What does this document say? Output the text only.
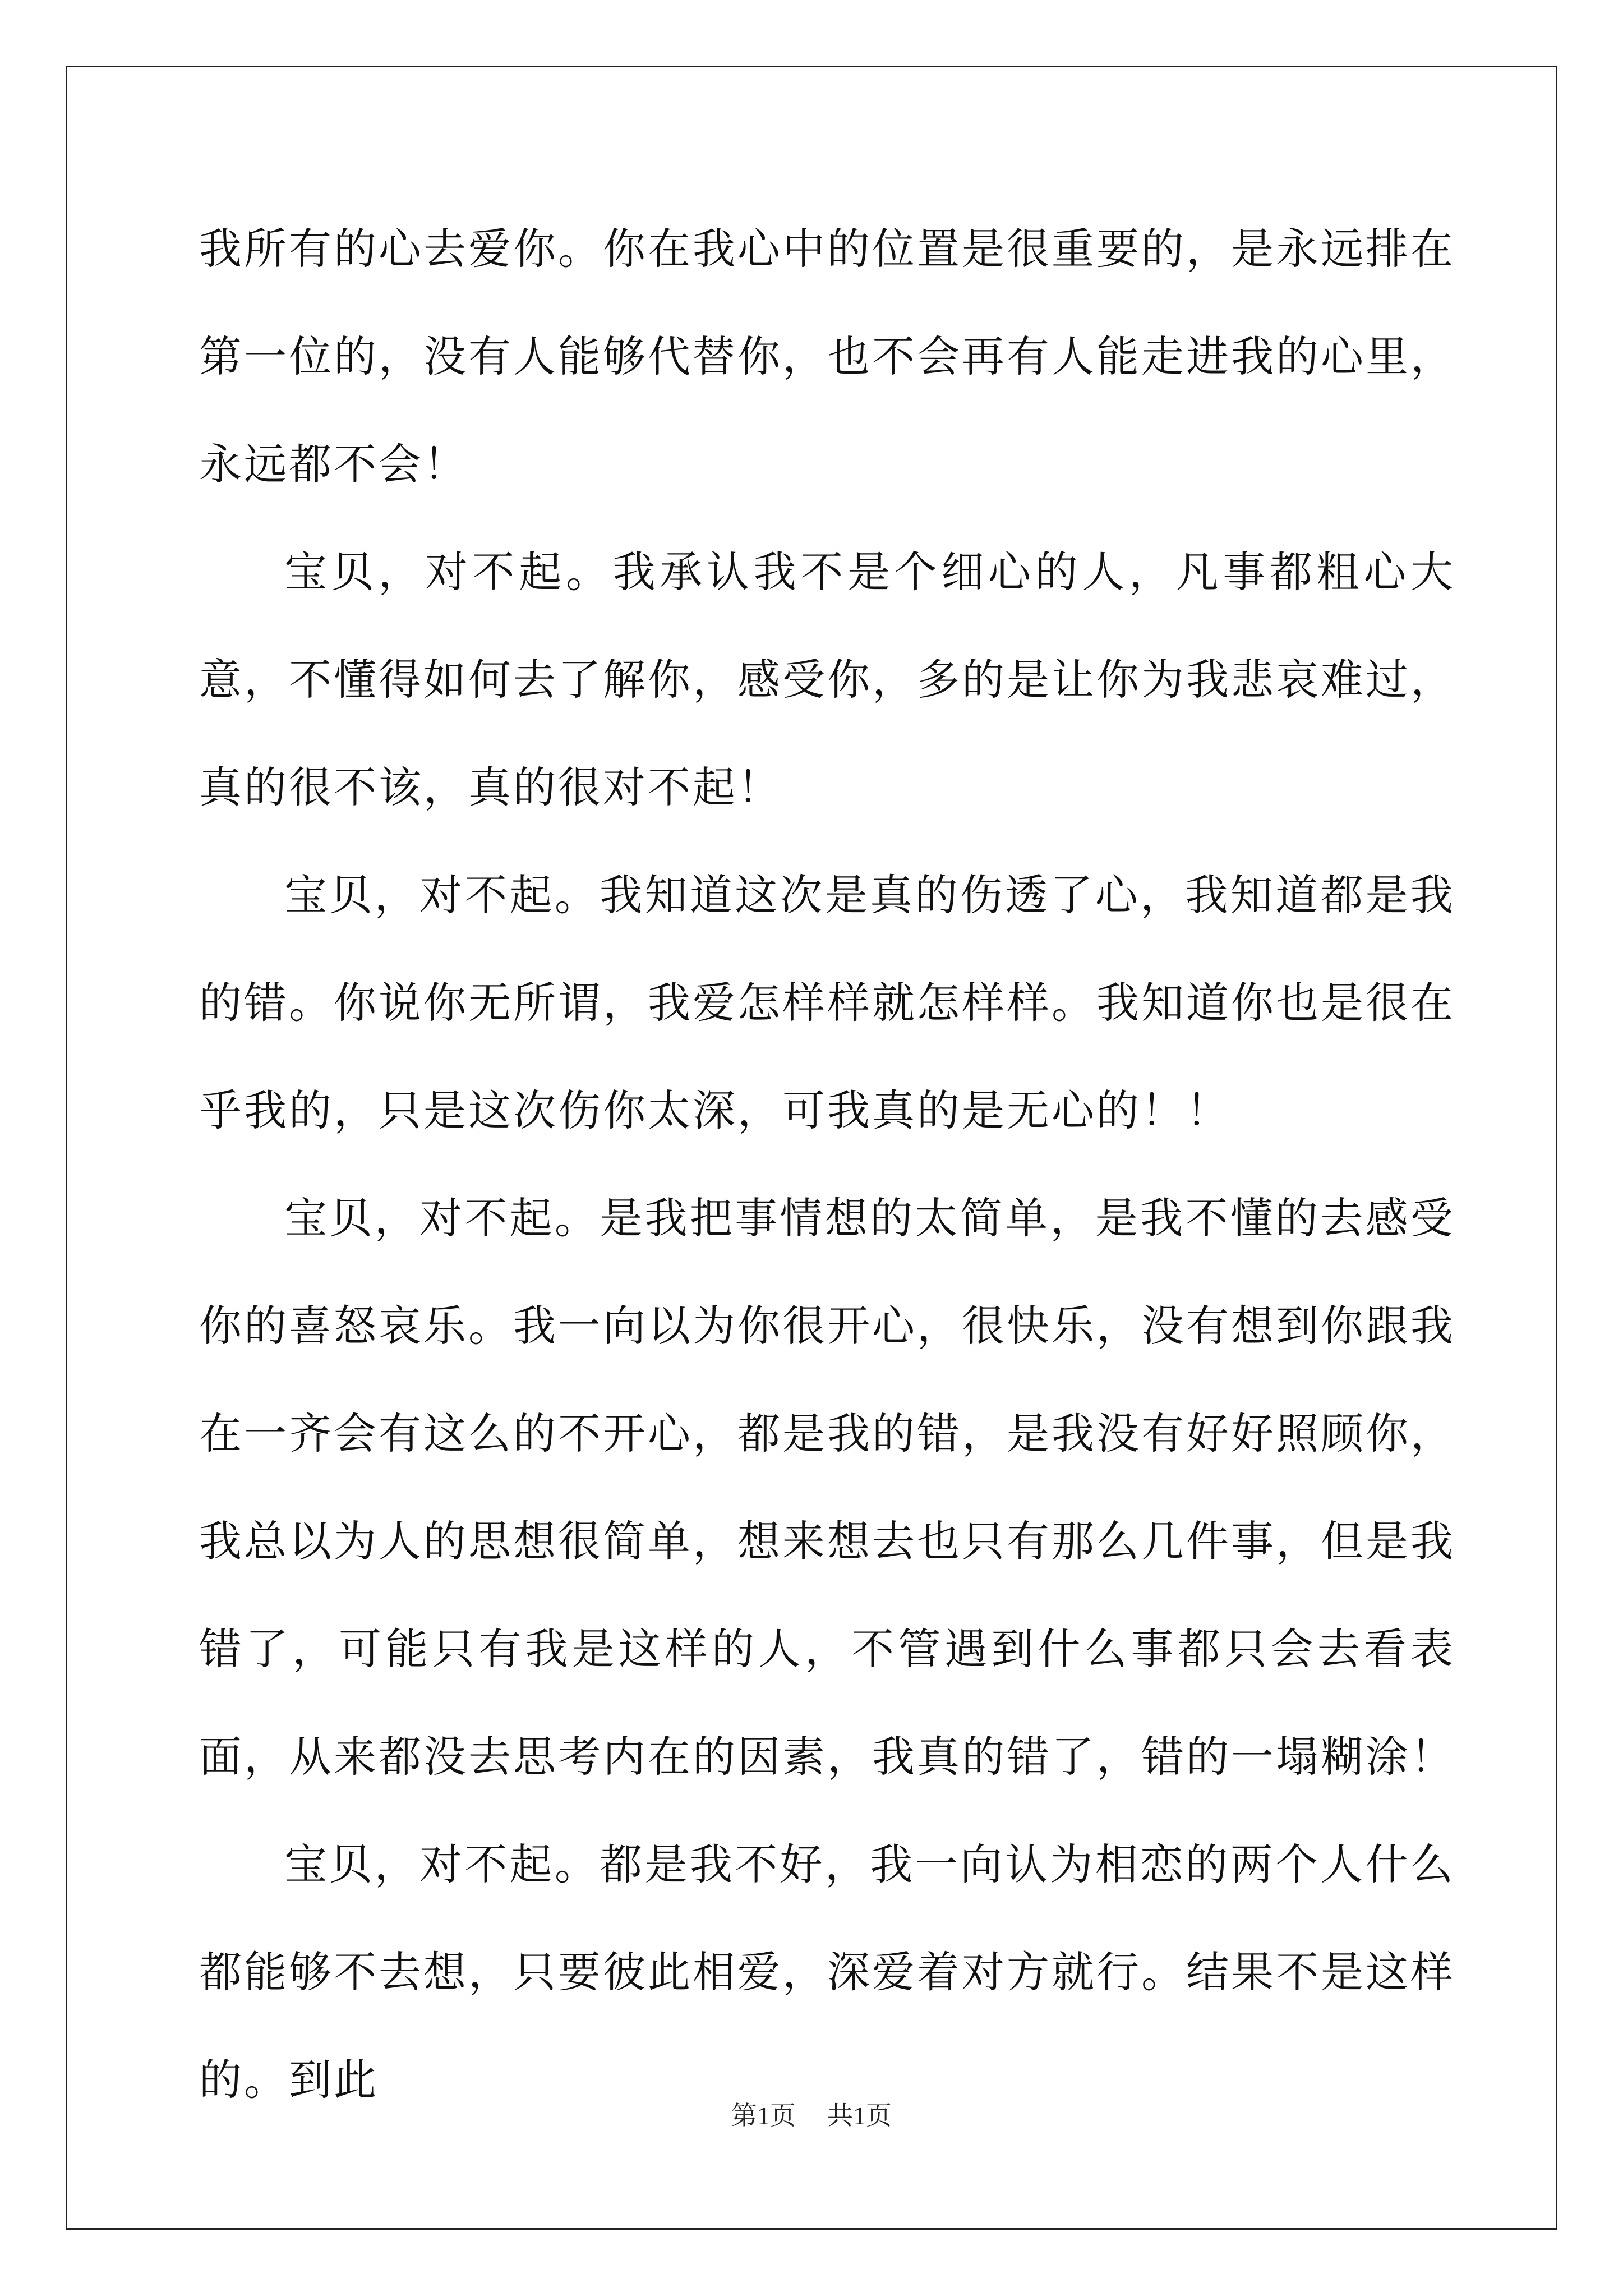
我所有的心去爱你。你在我心中的位置是很重要的，是永远排在第一位的，没有人能够代替你，也不会再有人能走进我的心里，永远都不会！

宝贝，对不起。我承认我不是个细心的人，凡事都粗心大意，不懂得如何去了解你，感受你，多的是让你为我悲哀难过，真的很不该，真的很对不起！

宝贝，对不起。我知道这次是真的伤透了心，我知道都是我的错。你说你无所谓，我爱怎样样就怎样样。我知道你也是很在乎我的，只是这次伤你太深，可我真的是无心的！！

宝贝，对不起。是我把事情想的太简单，是我不懂的去感受你的喜怒哀乐。我一向以为你很开心，很快乐，没有想到你跟我在一齐会有这么的不开心，都是我的错，是我没有好好照顾你，我总以为人的思想很简单，想来想去也只有那么几件事，但是我错了，可能只有我是这样的人，不管遇到什么事都只会去看表面，从来都没去思考内在的因素，我真的错了，错的一塌糊涂！

宝贝，对不起。都是我不好，我一向认为相恋的两个人什么都能够不去想，只要彼此相爱，深爱着对方就行。结果不是这样的。到此

第1页 共1页
